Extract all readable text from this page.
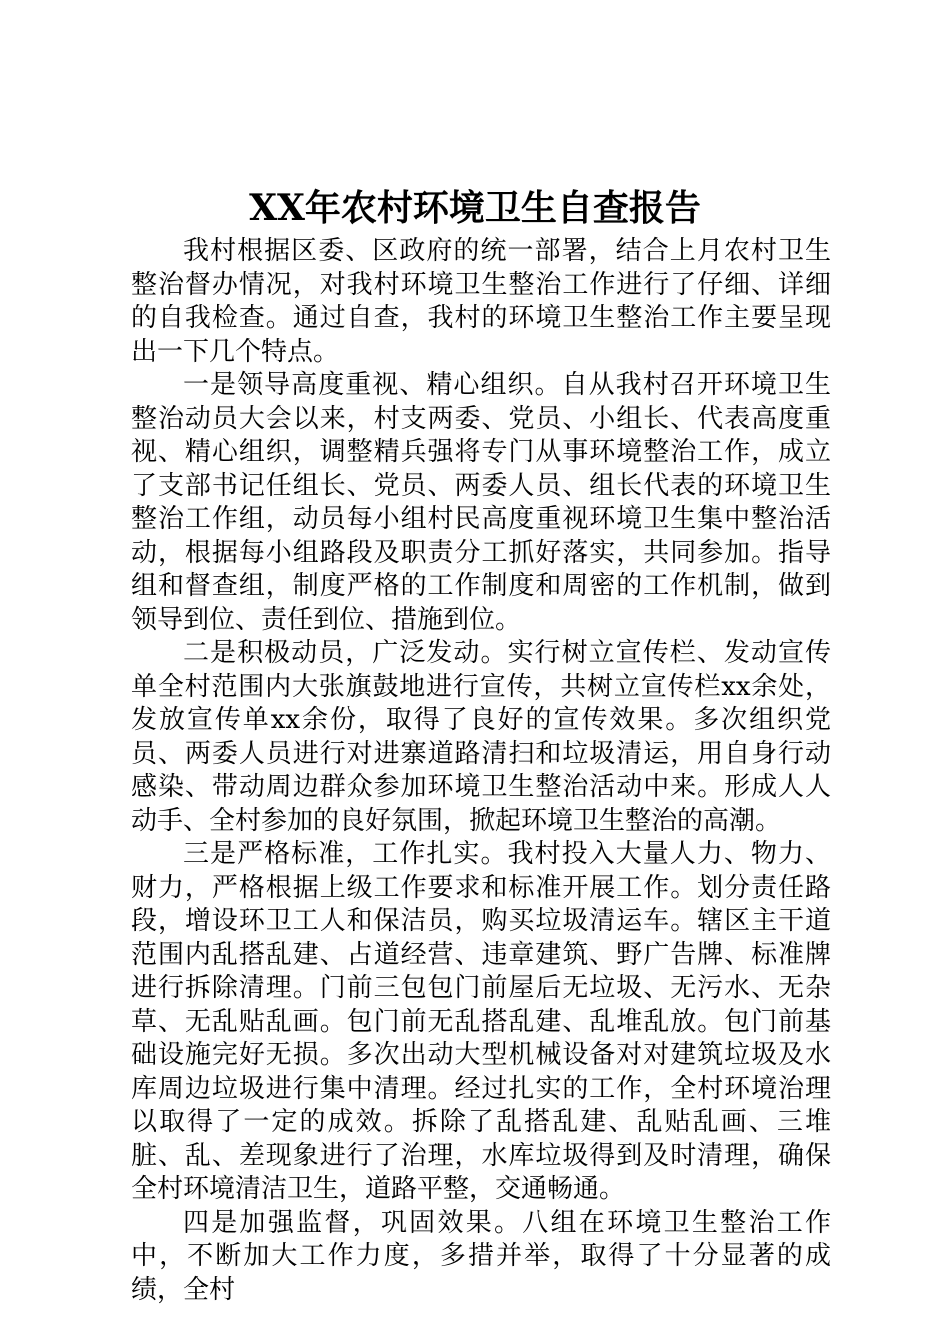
XX年农村环境卫生自查报告

我村根据区委、区政府的统一部署，结合上月农村卫生整治督办情况，对我村环境卫生整治工作进行了仔细、详细的自我检查。通过自查，我村的环境卫生整治工作主要呈现出一下几个特点。

一是领导高度重视、精心组织。自从我村召开环境卫生整治动员大会以来，村支两委、党员、小组长、代表高度重视、精心组织，调整精兵强将专门从事环境整治工作，成立了支部书记任组长、党员、两委人员、组长代表的环境卫生整治工作组，动员每小组村民高度重视环境卫生集中整治活动，根据每小组路段及职责分工抓好落实，共同参加。指导组和督查组，制度严格的工作制度和周密的工作机制，做到领导到位、责任到位、措施到位。

二是积极动员，广泛发动。实行树立宣传栏、发动宣传单全村范围内大张旗鼓地进行宣传，共树立宣传栏xx余处，发放宣传单xx余份，取得了良好的宣传效果。多次组织党员、两委人员进行对进寨道路清扫和垃圾清运，用自身行动感染、带动周边群众参加环境卫生整治活动中来。形成人人动手、全村参加的良好氛围，掀起环境卫生整治的高潮。

三是严格标准，工作扎实。我村投入大量人力、物力、财力，严格根据上级工作要求和标准开展工作。划分责任路段，增设环卫工人和保洁员，购买垃圾清运车。辖区主干道范围内乱搭乱建、占道经营、违章建筑、野广告牌、标准牌进行拆除清理。门前三包包门前屋后无垃圾、无污水、无杂草、无乱贴乱画。包门前无乱搭乱建、乱堆乱放。包门前基础设施完好无损。多次出动大型机械设备对对建筑垃圾及水库周边垃圾进行集中清理。经过扎实的工作，全村环境治理以取得了一定的成效。拆除了乱搭乱建、乱贴乱画、三堆脏、乱、差现象进行了治理，水库垃圾得到及时清理，确保全村环境清洁卫生，道路平整，交通畅通。

四是加强监督，巩固效果。八组在环境卫生整治工作中，不断加大工作力度，多措并举，取得了十分显著的成绩，全村
